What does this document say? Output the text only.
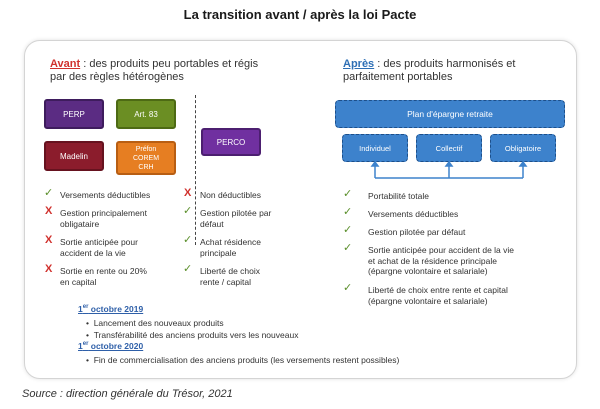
La transition avant / après la loi Pacte
Avant : des produits peu portables et régis
par des règles hétérogènes
PERP	Art. 83
Madelin
Préfon
COREM
CRH
PERCO
✓ Versements déductibles
X Gestion principalement
obligataire
X Sortie anticipée pour
accident de la vie
X Sortie en rente ou 20%
en capital
X Non déductibles
✓ Gestion pilotée par
défaut
✓ Achat résidence
principale
✓ Liberté de choix
rente / capital
Après : des produits harmonisés et
parfaitement portables
Plan d'épargne retraite
Individuel	Collectif	Obligatoire
✓ Portabilité totale
✓ Versements déductibles
✓ Gestion pilotée par défaut
✓ Sortie anticipée pour accident de la vie
et achat de la résidence principale
(épargne volontaire et salariale)
✓ Liberté de choix entre rente et capital
(épargne volontaire et salariale)
1er octobre 2019
•  Lancement des nouveaux produits
•  Transférabilité des anciens produits vers les nouveaux
1er octobre 2020
•  Fin de commercialisation des anciens produits (les versements restent possibles)
Source : direction générale du Trésor, 2021
